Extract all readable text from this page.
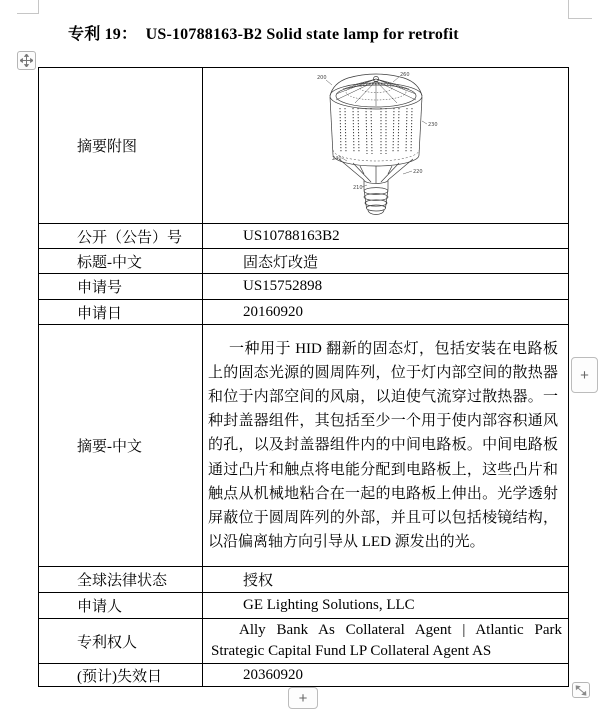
专利 19：  US-10788163-B2 Solid state lamp for retrofit
摘要附图	
200	260
230
240
220
210

公开（公告）号	US10788163B2
标题-中文	固态灯改造
申请号	US15752898
申请日	20160920
摘要-中文	一种用于 HID 翻新的固态灯，包括安装在电路板上的固态光源的圆周阵列，位于灯内部空间的散热器和位于内部空间的风扇，以迫使气流穿过散热器。一种封盖器组件，其包括至少一个用于使内部容积通风的孔，以及封盖器组件内的中间电路板。中间电路板通过凸片和触点将电能分配到电路板上，这些凸片和触点从机械地粘合在一起的电路板上伸出。光学透射屏蔽位于圆周阵列的外部，并且可以包括棱镜结构，以沿偏离轴方向引导从 LED 源发出的光。
全球法律状态	授权
申请人	GE Lighting Solutions, LLC
专利权人	Ally Bank As Collateral Agent | Atlantic Park Strategic Capital Fund LP Collateral Agent AS
(预计)失效日	20360920
+
+
